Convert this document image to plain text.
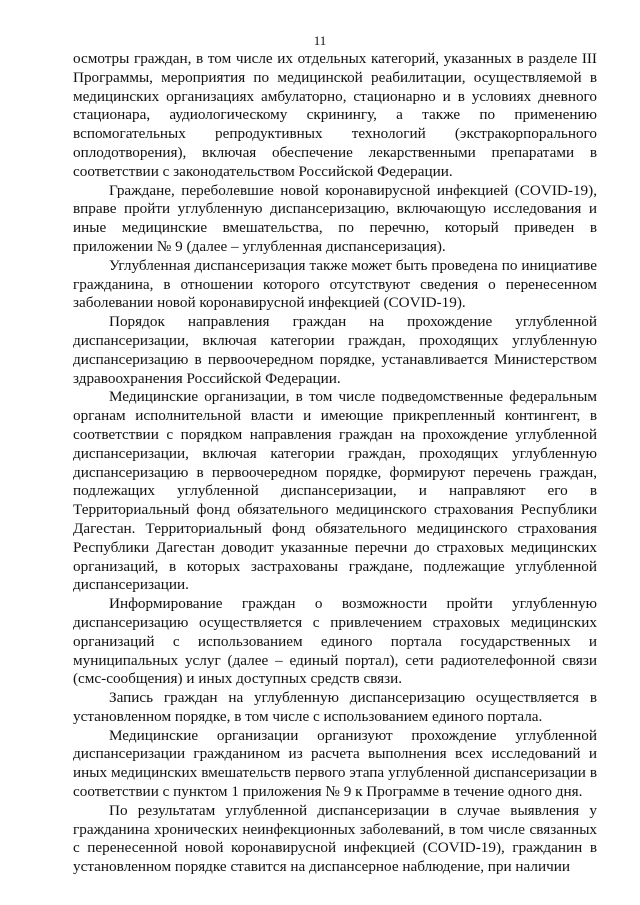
11

осмотры граждан, в том числе их отдельных категорий, указанных в разделе III Программы, мероприятия по медицинской реабилитации, осуществляемой в медицинских организациях амбулаторно, стационарно и в условиях дневного стационара, аудиологическому скринингу, а также по применению вспомогательных репродуктивных технологий (экстракорпорального оплодотворения), включая обеспечение лекарственными препаратами в соответствии с законодательством Российской Федерации.

Граждане, переболевшие новой коронавирусной инфекцией (COVID-19), вправе пройти углубленную диспансеризацию, включающую исследования и иные медицинские вмешательства, по перечню, который приведен в приложении № 9 (далее – углубленная диспансеризация).

Углубленная диспансеризация также может быть проведена по инициативе гражданина, в отношении которого отсутствуют сведения о перенесенном заболевании новой коронавирусной инфекцией (COVID-19).

Порядок направления граждан на прохождение углубленной диспансеризации, включая категории граждан, проходящих углубленную диспансеризацию в первоочередном порядке, устанавливается Министерством здравоохранения Российской Федерации.

Медицинские организации, в том числе подведомственные федеральным органам исполнительной власти и имеющие прикрепленный контингент, в соответствии с порядком направления граждан на прохождение углубленной диспансеризации, включая категории граждан, проходящих углубленную диспансеризацию в первоочередном порядке, формируют перечень граждан, подлежащих углубленной диспансеризации, и направляют его в Территориальный фонд обязательного медицинского страхования Республики Дагестан. Территориальный фонд обязательного медицинского страхования Республики Дагестан доводит указанные перечни до страховых медицинских организаций, в которых застрахованы граждане, подлежащие углубленной диспансеризации.

Информирование граждан о возможности пройти углубленную диспансеризацию осуществляется с привлечением страховых медицинских организаций с использованием единого портала государственных и муниципальных услуг (далее – единый портал), сети радиотелефонной связи (смс-сообщения) и иных доступных средств связи.

Запись граждан на углубленную диспансеризацию осуществляется в установленном порядке, в том числе с использованием единого портала.

Медицинские организации организуют прохождение углубленной диспансеризации гражданином из расчета выполнения всех исследований и иных медицинских вмешательств первого этапа углубленной диспансеризации в соответствии с пунктом 1 приложения № 9 к Программе в течение одного дня.

По результатам углубленной диспансеризации в случае выявления у гражданина хронических неинфекционных заболеваний, в том числе связанных с перенесенной новой коронавирусной инфекцией (COVID-19), гражданин в установленном порядке ставится на диспансерное наблюдение, при наличии
